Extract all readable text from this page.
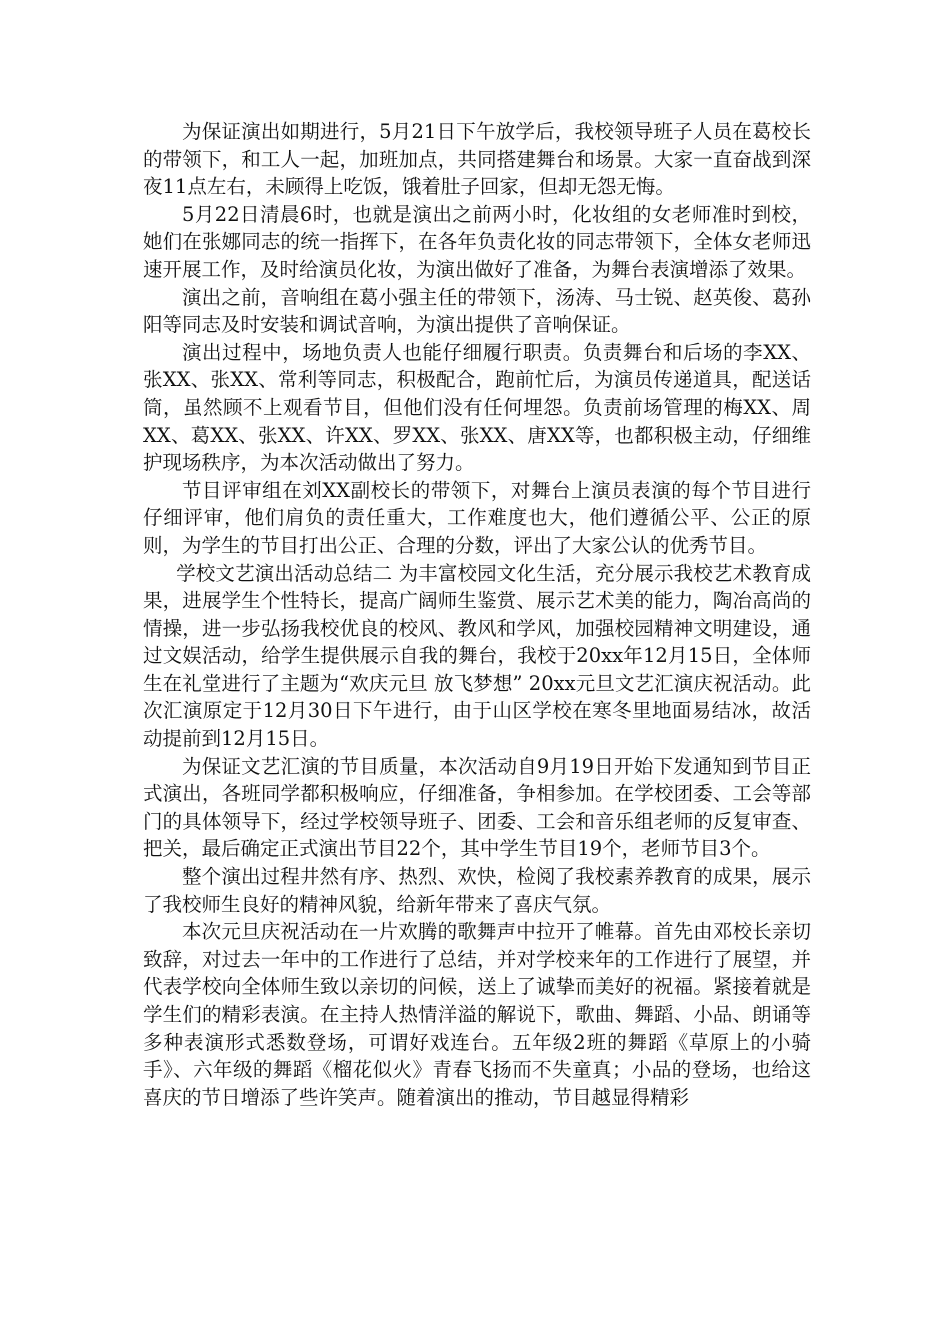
为保证演出如期进行，5月21日下午放学后，我校领导班子人员在葛校长的带领下，和工人一起，加班加点，共同搭建舞台和场景。大家一直奋战到深夜11点左右，未顾得上吃饭，饿着肚子回家，但却无怨无悔。

5月22日清晨6时，也就是演出之前两小时，化妆组的女老师准时到校，她们在张娜同志的统一指挥下，在各年负责化妆的同志带领下，全体女老师迅速开展工作，及时给演员化妆，为演出做好了准备，为舞台表演增添了效果。

演出之前，音响组在葛小强主任的带领下，汤涛、马士锐、赵英俊、葛孙阳等同志及时安装和调试音响，为演出提供了音响保证。

演出过程中，场地负责人也能仔细履行职责。负责舞台和后场的李XX、张XX、张XX、常利等同志，积极配合，跑前忙后，为演员传递道具，配送话筒，虽然顾不上观看节目，但他们没有任何埋怨。负责前场管理的梅XX、周XX、葛XX、张XX、许XX、罗XX、张XX、唐XX等，也都积极主动，仔细维护现场秩序，为本次活动做出了努力。

节目评审组在刘XX副校长的带领下，对舞台上演员表演的每个节目进行仔细评审，他们肩负的责任重大，工作难度也大，他们遵循公平、公正的原则，为学生的节目打出公正、合理的分数，评出了大家公认的优秀节目。

学校文艺演出活动总结二 为丰富校园文化生活，充分展示我校艺术教育成果，进展学生个性特长，提高广阔师生鉴赏、展示艺术美的能力，陶冶高尚的情操，进一步弘扬我校优良的校风、教风和学风，加强校园精神文明建设，通过文娱活动，给学生提供展示自我的舞台，我校于20xx年12月15日，全体师生在礼堂进行了主题为“欢庆元旦 放飞梦想” 20xx元旦文艺汇演庆祝活动。此次汇演原定于12月30日下午进行，由于山区学校在寒冬里地面易结冰，故活动提前到12月15日。

为保证文艺汇演的节目质量，本次活动自9月19日开始下发通知到节目正式演出，各班同学都积极响应，仔细准备，争相参加。在学校团委、工会等部门的具体领导下，经过学校领导班子、团委、工会和音乐组老师的反复审查、把关，最后确定正式演出节目22个，其中学生节目19个，老师节目3个。

整个演出过程井然有序、热烈、欢快，检阅了我校素养教育的成果，展示了我校师生良好的精神风貌，给新年带来了喜庆气氛。

本次元旦庆祝活动在一片欢腾的歌舞声中拉开了帷幕。首先由邓校长亲切致辞，对过去一年中的工作进行了总结，并对学校来年的工作进行了展望，并代表学校向全体师生致以亲切的问候，送上了诚挚而美好的祝福。紧接着就是学生们的精彩表演。在主持人热情洋溢的解说下，歌曲、舞蹈、小品、朗诵等多种表演形式悉数登场，可谓好戏连台。五年级2班的舞蹈《草原上的小骑手》、六年级的舞蹈《榴花似火》青春飞扬而不失童真；小品的登场，也给这喜庆的节日增添了些许笑声。随着演出的推动，节目越显得精彩
